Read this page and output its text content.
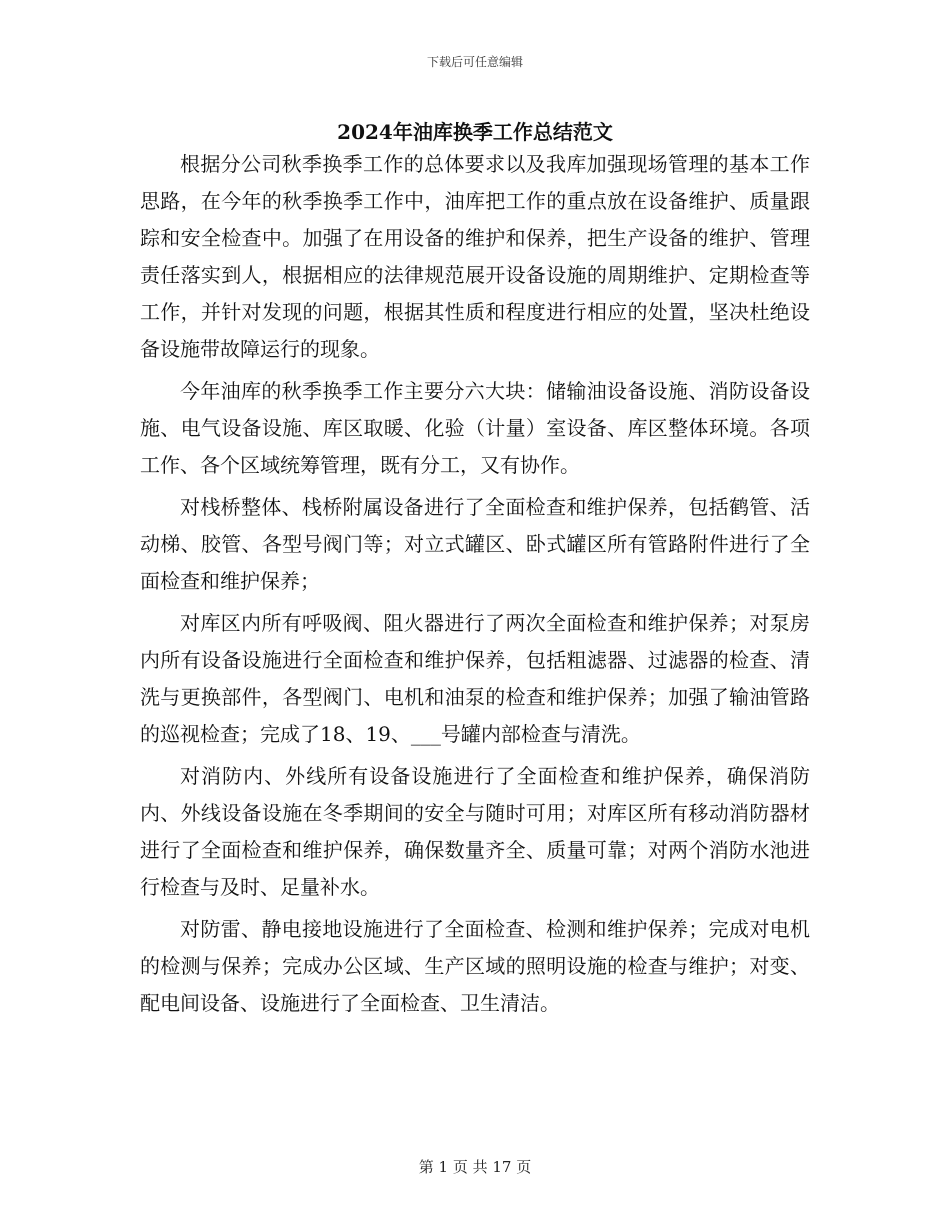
下载后可任意编辑
2024年油库换季工作总结范文

根据分公司秋季换季工作的总体要求以及我库加强现场管理的基本工作思路，在今年的秋季换季工作中，油库把工作的重点放在设备维护、质量跟踪和安全检查中。加强了在用设备的维护和保养，把生产设备的维护、管理责任落实到人，根据相应的法律规范展开设备设施的周期维护、定期检查等工作，并针对发现的问题，根据其性质和程度进行相应的处置，坚决杜绝设备设施带故障运行的现象。

今年油库的秋季换季工作主要分六大块：储输油设备设施、消防设备设施、电气设备设施、库区取暖、化验（计量）室设备、库区整体环境。各项工作、各个区域统筹管理，既有分工，又有协作。

对栈桥整体、栈桥附属设备进行了全面检查和维护保养，包括鹤管、活动梯、胶管、各型号阀门等；对立式罐区、卧式罐区所有管路附件进行了全面检查和维护保养；

对库区内所有呼吸阀、阻火器进行了两次全面检查和维护保养；对泵房内所有设备设施进行全面检查和维护保养，包括粗滤器、过滤器的检查、清洗与更换部件，各型阀门、电机和油泵的检查和维护保养；加强了输油管路的巡视检查；完成了18、19、___号罐内部检查与清洗。

对消防内、外线所有设备设施进行了全面检查和维护保养，确保消防内、外线设备设施在冬季期间的安全与随时可用；对库区所有移动消防器材进行了全面检查和维护保养，确保数量齐全、质量可靠；对两个消防水池进行检查与及时、足量补水。

对防雷、静电接地设施进行了全面检查、检测和维护保养；完成对电机的检测与保养；完成办公区域、生产区域的照明设施的检查与维护；对变、配电间设备、设施进行了全面检查、卫生清洁。

第 1 页 共 17 页
